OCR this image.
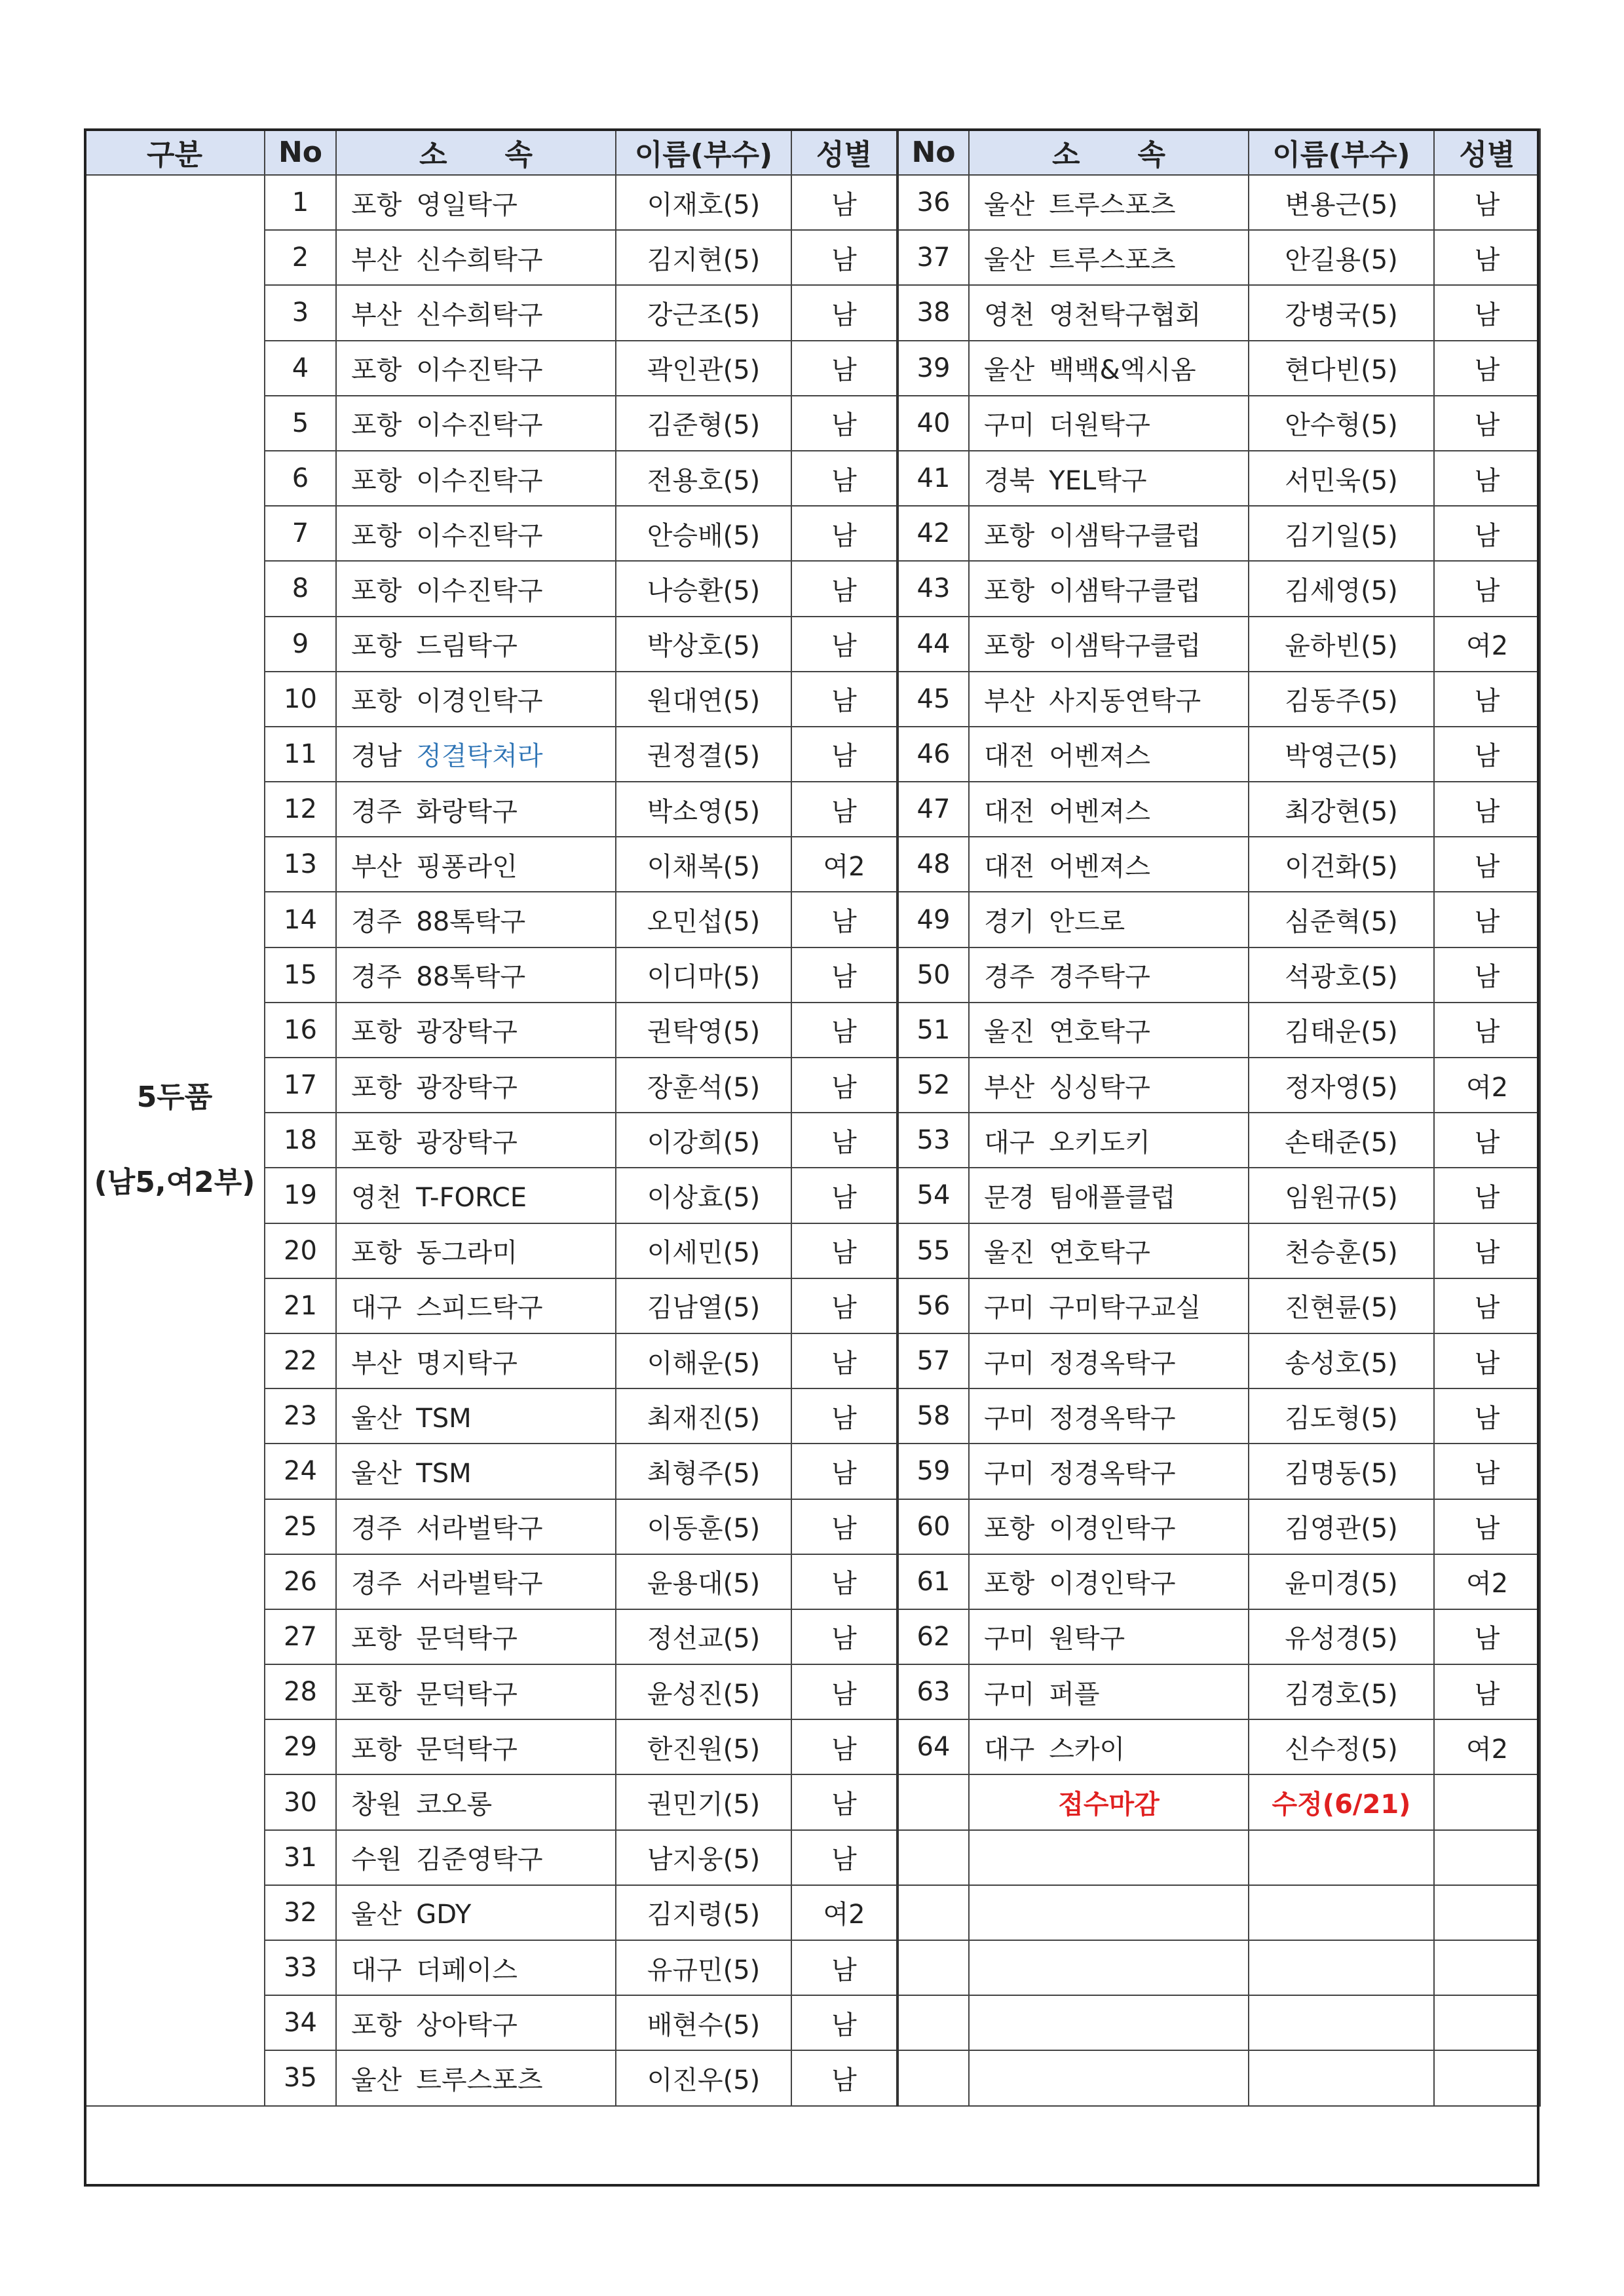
구분	No	소　　속	이름(부수)	성별	No	소　　속	이름(부수)	성별

5두품
(남5,여2부)	1	포항 영일탁구	이재호(5)	남	36	울산 트루스포츠	변용근(5)	남
	2	부산 신수희탁구	김지현(5)	남	37	울산 트루스포츠	안길용(5)	남
	3	부산 신수희탁구	강근조(5)	남	38	영천 영천탁구협회	강병국(5)	남
	4	포항 이수진탁구	곽인관(5)	남	39	울산 백백&엑시옴	현다빈(5)	남
	5	포항 이수진탁구	김준형(5)	남	40	구미 더원탁구	안수형(5)	남
	6	포항 이수진탁구	전용호(5)	남	41	경북 YEL탁구	서민욱(5)	남
	7	포항 이수진탁구	안승배(5)	남	42	포항 이샘탁구클럽	김기일(5)	남
	8	포항 이수진탁구	나승환(5)	남	43	포항 이샘탁구클럽	김세영(5)	남
	9	포항 드림탁구	박상호(5)	남	44	포항 이샘탁구클럽	윤하빈(5)	여2
	10	포항 이경인탁구	원대연(5)	남	45	부산 사지동연탁구	김동주(5)	남
	11	경남 정결탁쳐라	권정결(5)	남	46	대전 어벤져스	박영근(5)	남
	12	경주 화랑탁구	박소영(5)	남	47	대전 어벤져스	최강현(5)	남
	13	부산 핑퐁라인	이채복(5)	여2	48	대전 어벤져스	이건화(5)	남
	14	경주 88톡탁구	오민섭(5)	남	49	경기 안드로	심준혁(5)	남
	15	경주 88톡탁구	이디마(5)	남	50	경주 경주탁구	석광호(5)	남
	16	포항 광장탁구	권탁영(5)	남	51	울진 연호탁구	김태운(5)	남
	17	포항 광장탁구	장훈석(5)	남	52	부산 싱싱탁구	정자영(5)	여2
	18	포항 광장탁구	이강희(5)	남	53	대구 오키도키	손태준(5)	남
	19	영천 T-FORCE	이상효(5)	남	54	문경 팀애플클럽	임원규(5)	남
	20	포항 동그라미	이세민(5)	남	55	울진 연호탁구	천승훈(5)	남
	21	대구 스피드탁구	김남열(5)	남	56	구미 구미탁구교실	진현륜(5)	남
	22	부산 명지탁구	이해운(5)	남	57	구미 정경옥탁구	송성호(5)	남
	23	울산 TSM	최재진(5)	남	58	구미 정경옥탁구	김도형(5)	남
	24	울산 TSM	최형주(5)	남	59	구미 정경옥탁구	김명동(5)	남
	25	경주 서라벌탁구	이동훈(5)	남	60	포항 이경인탁구	김영관(5)	남
	26	경주 서라벌탁구	윤용대(5)	남	61	포항 이경인탁구	윤미경(5)	여2
	27	포항 문덕탁구	정선교(5)	남	62	구미 원탁구	유성경(5)	남
	28	포항 문덕탁구	윤성진(5)	남	63	구미 퍼플	김경호(5)	남
	29	포항 문덕탁구	한진원(5)	남	64	대구 스카이	신수정(5)	여2
	30	창원 코오롱	권민기(5)	남		접수마감	수정(6/21)	
	31	수원 김준영탁구	남지웅(5)	남				
	32	울산 GDY	김지령(5)	여2				
	33	대구 더페이스	유규민(5)	남				
	34	포항 상아탁구	배현수(5)	남				
	35	울산 트루스포츠	이진우(5)	남				
